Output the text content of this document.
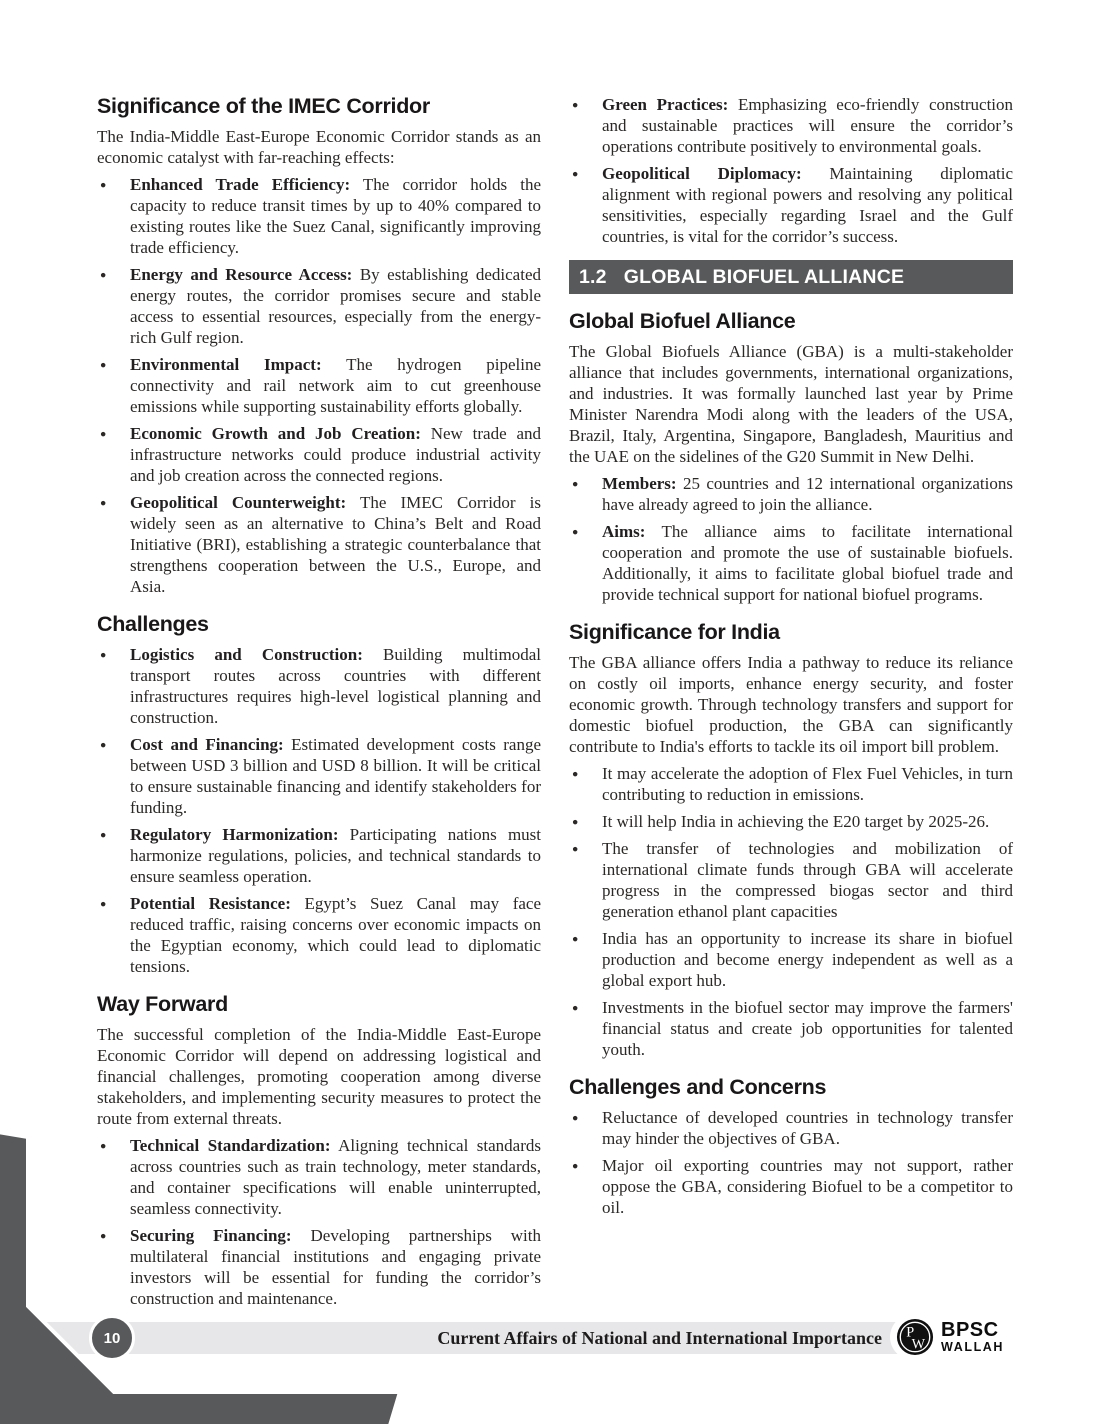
Significance of the IMEC Corridor

The India-Middle East-Europe Economic Corridor stands as an economic catalyst with far-reaching effects:

● Enhanced Trade Efficiency: The corridor holds the capacity to reduce transit times by up to 40% compared to existing routes like the Suez Canal, significantly improving trade efficiency.
● Energy and Resource Access: By establishing dedicated energy routes, the corridor promises secure and stable access to essential resources, especially from the energy-rich Gulf region.
● Environmental Impact: The hydrogen pipeline connectivity and rail network aim to cut greenhouse emissions while supporting sustainability efforts globally.
● Economic Growth and Job Creation: New trade and infrastructure networks could produce industrial activity and job creation across the connected regions.
● Geopolitical Counterweight: The IMEC Corridor is widely seen as an alternative to China’s Belt and Road Initiative (BRI), establishing a strategic counterbalance that strengthens cooperation between the U.S., Europe, and Asia.
Challenges
● Logistics and Construction: Building multimodal transport routes across countries with different infrastructures requires high-level logistical planning and construction.
● Cost and Financing: Estimated development costs range between USD 3 billion and USD 8 billion. It will be critical to ensure sustainable financing and identify stakeholders for funding.
● Regulatory Harmonization: Participating nations must harmonize regulations, policies, and technical standards to ensure seamless operation.
● Potential Resistance: Egypt’s Suez Canal may face reduced traffic, raising concerns over economic impacts on the Egyptian economy, which could lead to diplomatic tensions.
Way Forward

The successful completion of the India-Middle East-Europe Economic Corridor will depend on addressing logistical and financial challenges, promoting cooperation among diverse stakeholders, and implementing security measures to protect the route from external threats.

● Technical Standardization: Aligning technical standards across countries such as train technology, meter standards, and container specifications will enable uninterrupted, seamless connectivity.
● Securing Financing: Developing partnerships with multilateral financial institutions and engaging private investors will be essential for funding the corridor’s construction and maintenance.
● Green Practices: Emphasizing eco-friendly construction and sustainable practices will ensure the corridor’s operations contribute positively to environmental goals.
● Geopolitical Diplomacy: Maintaining diplomatic alignment with regional powers and resolving any political sensitivities, especially regarding Israel and the Gulf countries, is vital for the corridor’s success.
1.2 GLOBAL BIOFUEL ALLIANCE
Global Biofuel Alliance

The Global Biofuels Alliance (GBA) is a multi-stakeholder alliance that includes governments, international organizations, and industries. It was formally launched last year by Prime Minister Narendra Modi along with the leaders of the USA, Brazil, Italy, Argentina, Singapore, Bangladesh, Mauritius and the UAE on the sidelines of the G20 Summit in New Delhi.

● Members: 25 countries and 12 international organizations have already agreed to join the alliance.
● Aims: The alliance aims to facilitate international cooperation and promote the use of sustainable biofuels. Additionally, it aims to facilitate global biofuel trade and provide technical support for national biofuel programs.
Significance for India

The GBA alliance offers India a pathway to reduce its reliance on costly oil imports, enhance energy security, and foster economic growth. Through technology transfers and support for domestic biofuel production, the GBA can significantly contribute to India's efforts to tackle its oil import bill problem.

● It may accelerate the adoption of Flex Fuel Vehicles, in turn contributing to reduction in emissions.
● It will help India in achieving the E20 target by 2025-26.
● The transfer of technologies and mobilization of international climate funds through GBA will accelerate progress in the compressed biogas sector and third generation ethanol plant capacities
● India has an opportunity to increase its share in biofuel production and become energy independent as well as a global export hub.
● Investments in the biofuel sector may improve the farmers' financial status and create job opportunities for talented youth.
Challenges and Concerns
● Reluctance of developed countries in technology transfer may hinder the objectives of GBA.
● Major oil exporting countries may not support, rather oppose the GBA, considering Biofuel to be a competitor to oil.
10	Current Affairs of National and International Importance P
W
BPSC
WALLAH
